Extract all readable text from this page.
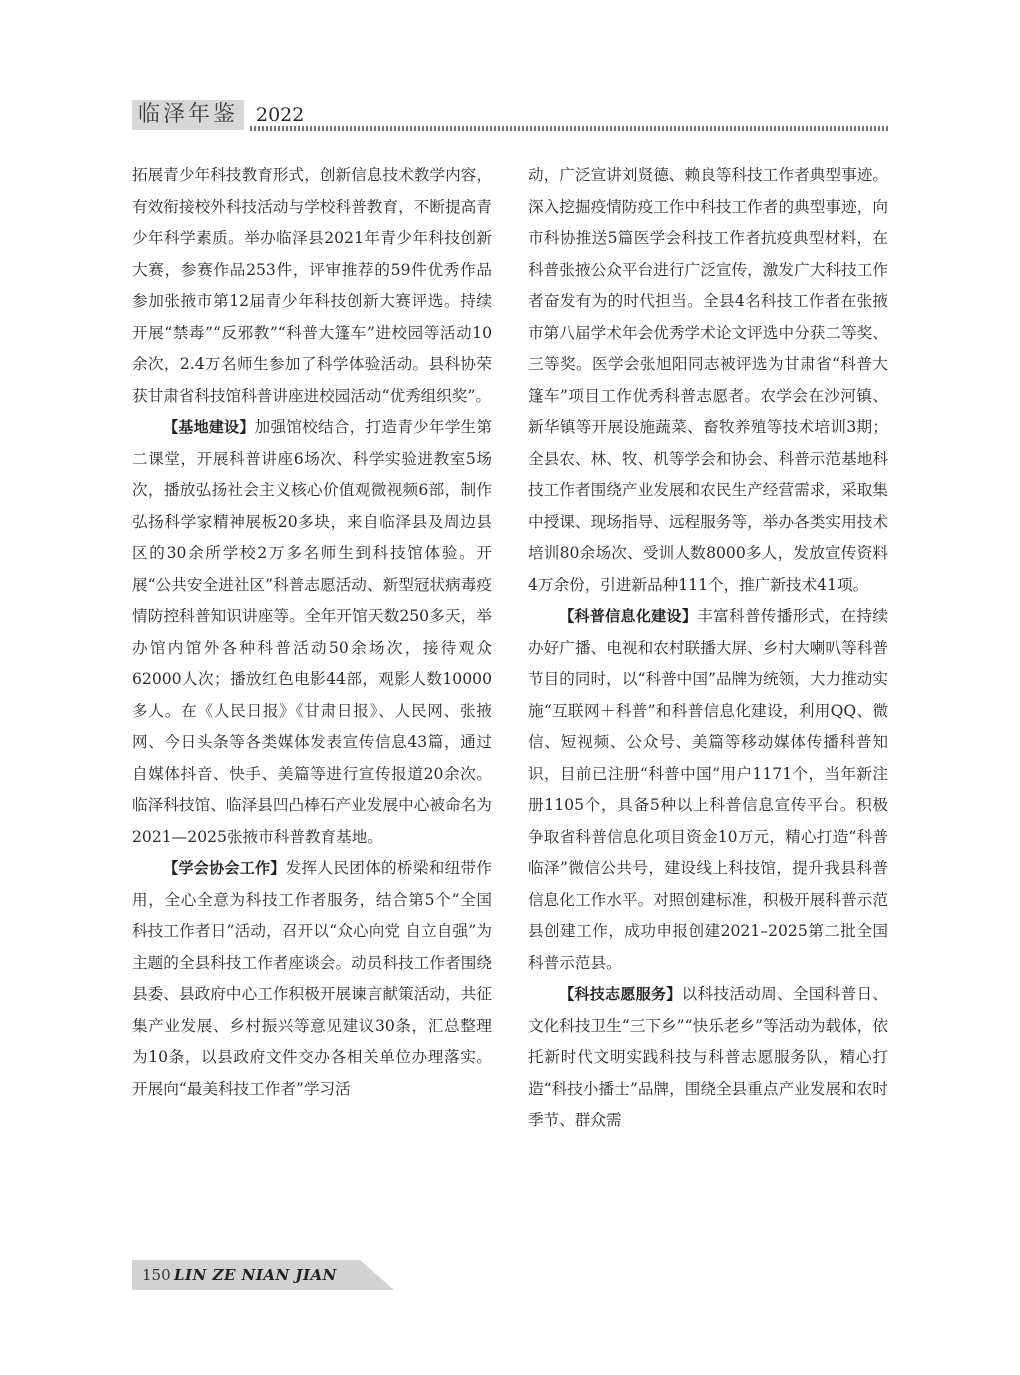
临泽年鉴 2022

拓展青少年科技教育形式，创新信息技术教学内容，有效衔接校外科技活动与学校科普教育，不断提高青少年科学素质。举办临泽县2021年青少年科技创新大赛，参赛作品253件，评审推荐的59件优秀作品参加张掖市第12届青少年科技创新大赛评选。持续开展“禁毒”“反邪教”“科普大篷车”进校园等活动10余次，2.4万名师生参加了科学体验活动。县科协荣获甘肃省科技馆科普讲座进校园活动“优秀组织奖”。

【基地建设】加强馆校结合，打造青少年学生第二课堂，开展科普讲座6场次、科学实验进教室5场次，播放弘扬社会主义核心价值观微视频6部，制作弘扬科学家精神展板20多块，来自临泽县及周边县区的30余所学校2万多名师生到科技馆体验。开展“公共安全进社区”科普志愿活动、新型冠状病毒疫情防控科普知识讲座等。全年开馆天数250多天，举办馆内馆外各种科普活动50余场次，接待观众62000人次；播放红色电影44部，观影人数10000多人。在《人民日报》《甘肃日报》、人民网、张掖网、今日头条等各类媒体发表宣传信息43篇，通过自媒体抖音、快手、美篇等进行宣传报道20余次。临泽科技馆、临泽县凹凸棒石产业发展中心被命名为2021—2025张掖市科普教育基地。

【学会协会工作】发挥人民团体的桥梁和纽带作用，全心全意为科技工作者服务，结合第5个“全国科技工作者日”活动，召开以“众心向党 自立自强”为主题的全县科技工作者座谈会。动员科技工作者围绕县委、县政府中心工作积极开展谏言献策活动，共征集产业发展、乡村振兴等意见建议30条，汇总整理为10条，以县政府文件交办各相关单位办理落实。开展向“最美科技工作者”学习活

动，广泛宣讲刘贤德、赖良等科技工作者典型事迹。深入挖掘疫情防疫工作中科技工作者的典型事迹，向市科协推送5篇医学会科技工作者抗疫典型材料，在科普张掖公众平台进行广泛宣传，激发广大科技工作者奋发有为的时代担当。全县4名科技工作者在张掖市第八届学术年会优秀学术论文评选中分获二等奖、三等奖。医学会张旭阳同志被评选为甘肃省“科普大篷车”项目工作优秀科普志愿者。农学会在沙河镇、新华镇等开展设施蔬菜、畜牧养殖等技术培训3期；全县农、林、牧、机等学会和协会、科普示范基地科技工作者围绕产业发展和农民生产经营需求，采取集中授课、现场指导、远程服务等，举办各类实用技术培训80余场次、受训人数8000多人，发放宣传资料4万余份，引进新品种111个，推广新技术41项。

【科普信息化建设】丰富科普传播形式，在持续办好广播、电视和农村联播大屏、乡村大喇叭等科普节目的同时，以“科普中国”品牌为统领，大力推动实施“互联网＋科普”和科普信息化建设，利用QQ、微信、短视频、公众号、美篇等移动媒体传播科普知识，目前已注册“科普中国”用户1171个，当年新注册1105个，具备5种以上科普信息宣传平台。积极争取省科普信息化项目资金10万元，精心打造“科普临泽”微信公共号，建设线上科技馆，提升我县科普信息化工作水平。对照创建标准，积极开展科普示范县创建工作，成功申报创建2021–2025第二批全国科普示范县。

【科技志愿服务】以科技活动周、全国科普日、文化科技卫生“三下乡”“快乐老乡”等活动为载体，依托新时代文明实践科技与科普志愿服务队，精心打造“科技小播士”品牌，围绕全县重点产业发展和农时季节、群众需

150 LIN ZE NIAN JIAN
